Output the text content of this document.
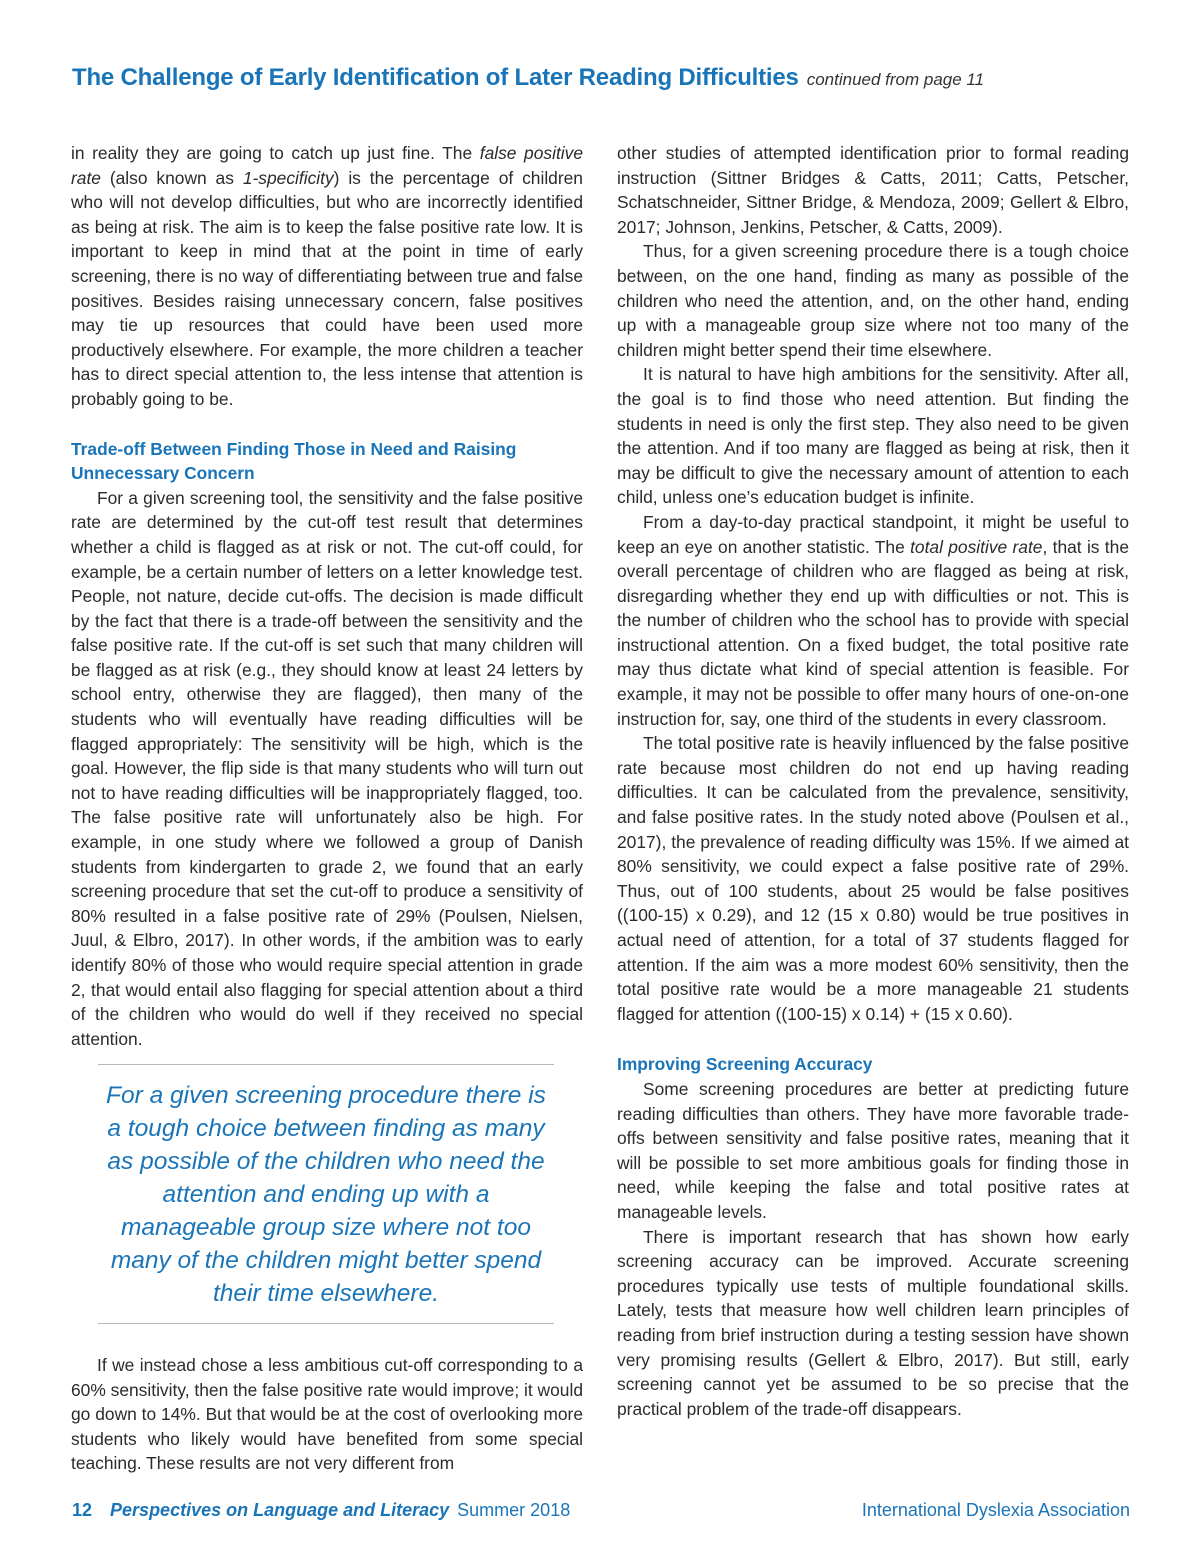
The Challenge of Early Identification of Later Reading Difficulties continued from page 11

in reality they are going to catch up just fine. The false positive rate (also known as 1-specificity) is the percentage of children who will not develop difficulties, but who are incorrectly identified as being at risk. The aim is to keep the false positive rate low. It is important to keep in mind that at the point in time of early screening, there is no way of differentiating between true and false positives. Besides raising unnecessary concern, false positives may tie up resources that could have been used more productively elsewhere. For example, the more children a teacher has to direct special attention to, the less intense that attention is probably going to be.

Trade-off Between Finding Those in Need and Raising Unnecessary Concern

For a given screening tool, the sensitivity and the false positive rate are determined by the cut-off test result that determines whether a child is flagged as at risk or not. The cut-off could, for example, be a certain number of letters on a letter knowledge test. People, not nature, decide cut-offs. The decision is made difficult by the fact that there is a trade-off between the sensitivity and the false positive rate. If the cut-off is set such that many children will be flagged as at risk (e.g., they should know at least 24 letters by school entry, otherwise they are flagged), then many of the students who will eventually have reading difficulties will be flagged appropriately: The sensitivity will be high, which is the goal. However, the flip side is that many students who will turn out not to have reading difficulties will be inappropriately flagged, too. The false positive rate will unfortunately also be high. For example, in one study where we followed a group of Danish students from kindergarten to grade 2, we found that an early screening procedure that set the cut-off to produce a sensitivity of 80% resulted in a false positive rate of 29% (Poulsen, Nielsen, Juul, & Elbro, 2017). In other words, if the ambition was to early identify 80% of those who would require special attention in grade 2, that would entail also flagging for special attention about a third of the children who would do well if they received no special attention.

For a given screening procedure there is a tough choice between finding as many as possible of the children who need the attention and ending up with a manageable group size where not too many of the children might better spend their time elsewhere.

If we instead chose a less ambitious cut-off corresponding to a 60% sensitivity, then the false positive rate would improve; it would go down to 14%. But that would be at the cost of overlooking more students who likely would have benefited from some special teaching. These results are not very different from

other studies of attempted identification prior to formal reading instruction (Sittner Bridges & Catts, 2011; Catts, Petscher, Schatschneider, Sittner Bridge, & Mendoza, 2009; Gellert & Elbro, 2017; Johnson, Jenkins, Petscher, & Catts, 2009).

Thus, for a given screening procedure there is a tough choice between, on the one hand, finding as many as possible of the children who need the attention, and, on the other hand, ending up with a manageable group size where not too many of the children might better spend their time elsewhere.

It is natural to have high ambitions for the sensitivity. After all, the goal is to find those who need attention. But finding the students in need is only the first step. They also need to be given the attention. And if too many are flagged as being at risk, then it may be difficult to give the necessary amount of attention to each child, unless one’s education budget is infinite.

From a day-to-day practical standpoint, it might be useful to keep an eye on another statistic. The total positive rate, that is the overall percentage of children who are flagged as being at risk, disregarding whether they end up with difficulties or not. This is the number of children who the school has to provide with special instructional attention. On a fixed budget, the total positive rate may thus dictate what kind of special attention is feasible. For example, it may not be possible to offer many hours of one-on-one instruction for, say, one third of the students in every classroom.

The total positive rate is heavily influenced by the false positive rate because most children do not end up having reading difficulties. It can be calculated from the prevalence, sensitivity, and false positive rates. In the study noted above (Poulsen et al., 2017), the prevalence of reading difficulty was 15%. If we aimed at 80% sensitivity, we could expect a false positive rate of 29%. Thus, out of 100 students, about 25 would be false positives ((100-15) x 0.29), and 12 (15 x 0.80) would be true positives in actual need of attention, for a total of 37 students flagged for attention. If the aim was a more modest 60% sensitivity, then the total positive rate would be a more manageable 21 students flagged for attention ((100-15) x 0.14) + (15 x 0.60).

Improving Screening Accuracy

Some screening procedures are better at predicting future reading difficulties than others. They have more favorable trade-offs between sensitivity and false positive rates, meaning that it will be possible to set more ambitious goals for finding those in need, while keeping the false and total positive rates at manageable levels.

There is important research that has shown how early screening accuracy can be improved. Accurate screening procedures typically use tests of multiple foundational skills. Lately, tests that measure how well children learn principles of reading from brief instruction during a testing session have shown very promising results (Gellert & Elbro, 2017). But still, early screening cannot yet be assumed to be so precise that the practical problem of the trade-off disappears.

12 Perspectives on Language and Literacy Summer 2018	International Dyslexia Association
